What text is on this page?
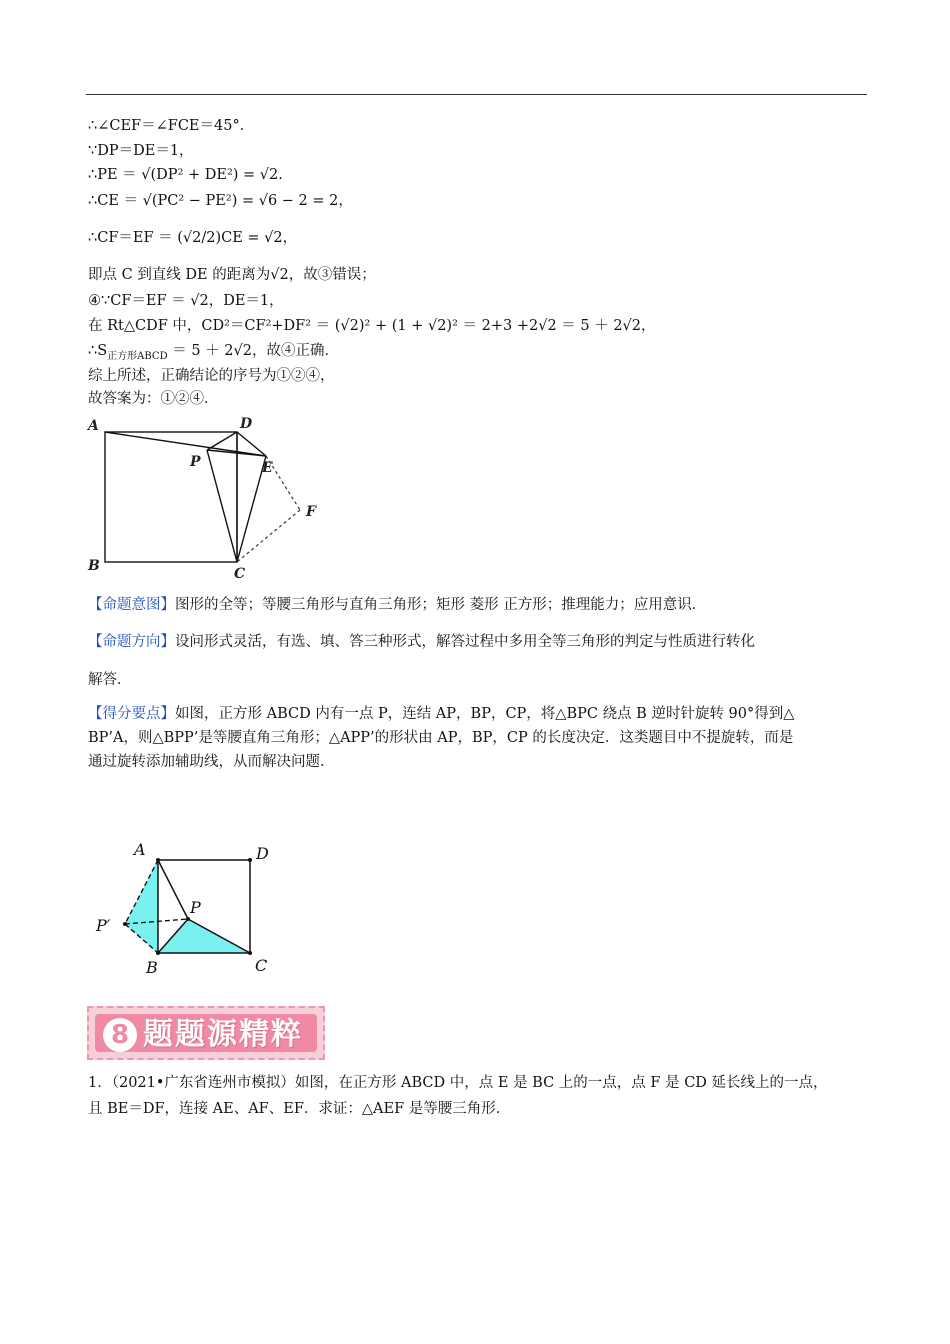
∴∠CEF＝∠FCE＝45°．
∵DP＝DE＝1，
∴PE ＝ √(DP² + DE²) = √2.
∴CE ＝ √(PC² − PE²) = √6 − 2 = 2，
∴CF＝EF ＝ (√2/2)CE = √2，
即点 C 到直线 DE 的距离为√2，故③错误；
④∵CF＝EF ＝ √2，DE＝1，
在 Rt△CDF 中，CD²＝CF²+DF² ＝ (√2)² + (1 + √2)² ＝ 2+3 +2√2 ＝ 5 ＋ 2√2，
$\therefore S_{正方形ABCD} = 5 + 2√2$，故④正确．
综上所述，正确结论的序号为①②④，
故答案为：①②④．
A	D
P	E
F
B	C
【命题意图】图形的全等；等腰三角形与直角三角形；矩形 菱形 正方形；推理能力；应用意识．
【命题方向】设问形式灵活，有选、填、答三种形式，解答过程中多用全等三角形的判定与性质进行转化
解答．
【得分要点】如图，正方形 ABCD 内有一点 P，连结 AP，BP，CP，将△BPC 绕点 B 逆时针旋转 90°得到△
BP’A，则△BPP’是等腰直角三角形；△APP’的形状由 AP，BP，CP 的长度决定．这类题目中不提旋转，而是
通过旋转添加辅助线，从而解决问题．
A	D
P
P′
B	C
8 题题源精粹
1．（2021•广东省连州市模拟）如图，在正方形 ABCD 中，点 E 是 BC 上的一点，点 F 是 CD 延长线上的一点，
且 BE＝DF，连接 AE、AF、EF．求证：△AEF 是等腰三角形．
